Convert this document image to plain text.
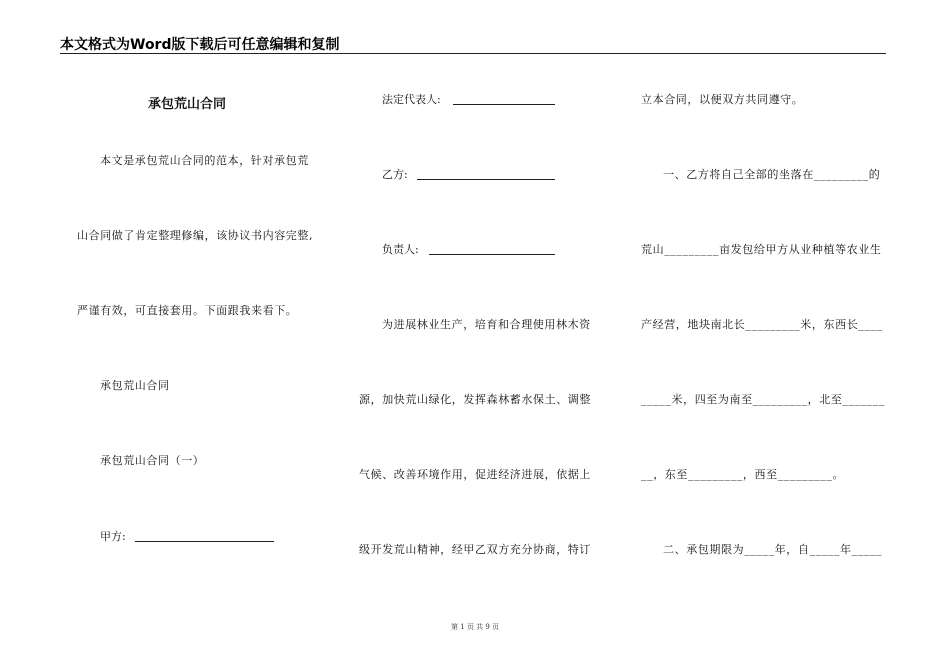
本文格式为Word版下载后可任意编辑和复制
承包荒山合同
本文是承包荒山合同的范本，针对承包荒
山合同做了肯定整理修编，该协议书内容完整,
严谨有效，可直接套用。下面跟我来看下。
承包荒山合同
承包荒山合同（一）
甲方:
法定代表人:
乙方:
负责人:
为进展林业生产，培育和合理使用林木资
源，加快荒山绿化，发挥森林蓄水保土、调整
气候、改善环境作用，促进经济进展，依据上
级开发荒山精神，经甲乙双方充分协商，特订
立本合同，以便双方共同遵守。
一、乙方将自己全部的坐落在_________的
荒山_________亩发包给甲方从业种植等农业生
产经营，地块南北长_________米，东西长____
_____米，四至为南至_________，北至_______
__，东至_________，西至_________。
二、承包期限为_____年，自_____年_____
第 1 页 共 9 页
